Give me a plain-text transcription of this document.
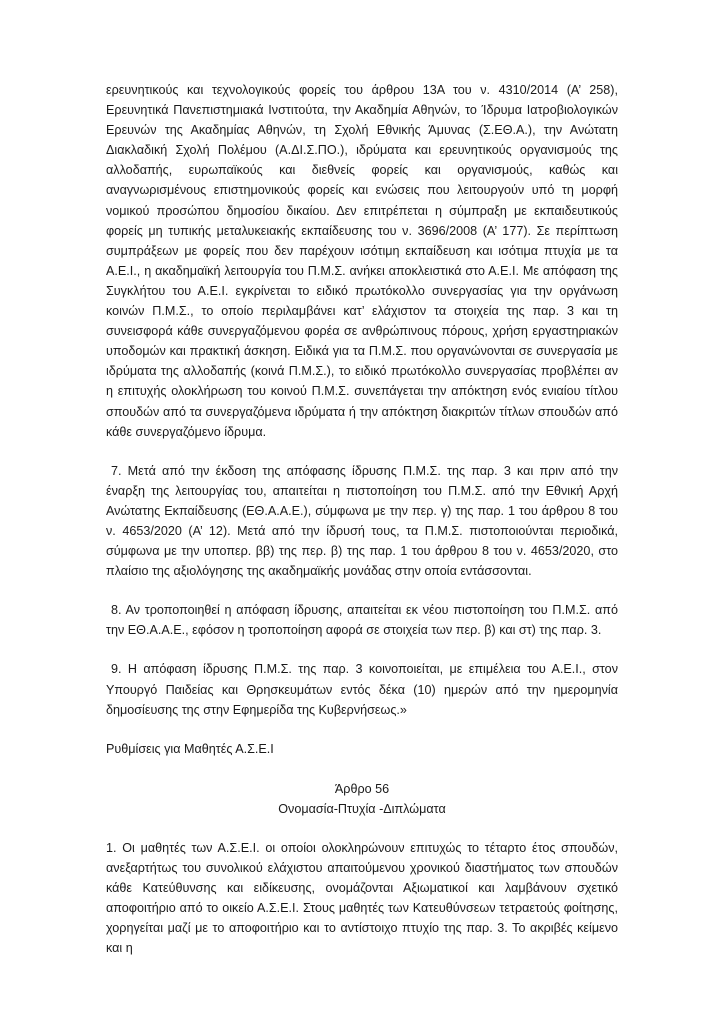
ερευνητικούς και τεχνολογικούς φορείς του άρθρου 13Α του ν. 4310/2014 (Α’ 258), Ερευνητικά Πανεπιστημιακά Ινστιτούτα, την Ακαδημία Αθηνών, το Ίδρυμα Ιατροβιολογικών Ερευνών της Ακαδημίας Αθηνών, τη Σχολή Εθνικής Άμυνας (Σ.ΕΘ.Α.), την Ανώτατη Διακλαδική Σχολή Πολέμου (Α.ΔΙ.Σ.ΠΟ.), ιδρύματα και ερευνητικούς οργανισμούς της αλλοδαπής, ευρωπαϊκούς και διεθνείς φορείς και οργανισμούς, καθώς και αναγνωρισμένους επιστημονικούς φορείς και ενώσεις που λειτουργούν υπό τη μορφή νομικού προσώπου δημοσίου δικαίου. Δεν επιτρέπεται η σύμπραξη με εκπαιδευτικούς φορείς μη τυπικής μεταλυκειακής εκπαίδευσης του ν. 3696/2008 (Α’ 177). Σε περίπτωση συμπράξεων με φορείς που δεν παρέχουν ισότιμη εκπαίδευση και ισότιμα πτυχία με τα Α.Ε.Ι., η ακαδημαϊκή λειτουργία του Π.Μ.Σ. ανήκει αποκλειστικά στο Α.Ε.Ι. Με απόφαση της Συγκλήτου του Α.Ε.Ι. εγκρίνεται το ειδικό πρωτόκολλο συνεργασίας για την οργάνωση κοινών Π.Μ.Σ., το οποίο περιλαμβάνει κατ’ ελάχιστον τα στοιχεία της παρ. 3 και τη συνεισφορά κάθε συνεργαζόμενου φορέα σε ανθρώπινους πόρους, χρήση εργαστηριακών υποδομών και πρακτική άσκηση. Ειδικά για τα Π.Μ.Σ. που οργανώνονται σε συνεργασία με ιδρύματα της αλλοδαπής (κοινά Π.Μ.Σ.), το ειδικό πρωτόκολλο συνεργασίας προβλέπει αν η επιτυχής ολοκλήρωση του κοινού Π.Μ.Σ. συνεπάγεται την απόκτηση ενός ενιαίου τίτλου σπουδών από τα συνεργαζόμενα ιδρύματα ή την απόκτηση διακριτών τίτλων σπουδών από κάθε συνεργαζόμενο ίδρυμα.

7. Μετά από την έκδοση της απόφασης ίδρυσης Π.Μ.Σ. της παρ. 3 και πριν από την έναρξη της λειτουργίας του, απαιτείται η πιστοποίηση του Π.Μ.Σ. από την Εθνική Αρχή Ανώτατης Εκπαίδευσης (ΕΘ.Α.Α.Ε.), σύμφωνα με την περ. γ) της παρ. 1 του άρθρου 8 του ν. 4653/2020 (Α’ 12). Μετά από την ίδρυσή τους, τα Π.Μ.Σ. πιστοποιούνται περιοδικά, σύμφωνα με την υποπερ. ββ) της περ. β) της παρ. 1 του άρθρου 8 του ν. 4653/2020, στο πλαίσιο της αξιολόγησης της ακαδημαϊκής μονάδας στην οποία εντάσσονται.

8. Αν τροποποιηθεί η απόφαση ίδρυσης, απαιτείται εκ νέου πιστοποίηση του Π.Μ.Σ. από την ΕΘ.Α.Α.Ε., εφόσον η τροποποίηση αφορά σε στοιχεία των περ. β) και στ) της παρ. 3.

9. Η απόφαση ίδρυσης Π.Μ.Σ. της παρ. 3 κοινοποιείται, με επιμέλεια του Α.Ε.Ι., στον Υπουργό Παιδείας και Θρησκευμάτων εντός δέκα (10) ημερών από την ημερομηνία δημοσίευσης της στην Εφημερίδα της Κυβερνήσεως.»

Ρυθμίσεις για Μαθητές Α.Σ.Ε.Ι

Άρθρο 56

Ονομασία-Πτυχία -Διπλώματα

1. Οι μαθητές των Α.Σ.Ε.Ι. οι οποίοι ολοκληρώνουν επιτυχώς το τέταρτο έτος σπουδών, ανεξαρτήτως του συνολικού ελάχιστου απαιτούμενου χρονικού διαστήματος των σπουδών κάθε Κατεύθυνσης και ειδίκευσης, ονομάζονται Αξιωματικοί και λαμβάνουν σχετικό αποφοιτήριο από το οικείο Α.Σ.Ε.Ι. Στους μαθητές των Κατευθύνσεων τετραετούς φοίτησης, χορηγείται μαζί με το αποφοιτήριο και το αντίστοιχο πτυχίο της παρ. 3. Το ακριβές κείμενο και η
